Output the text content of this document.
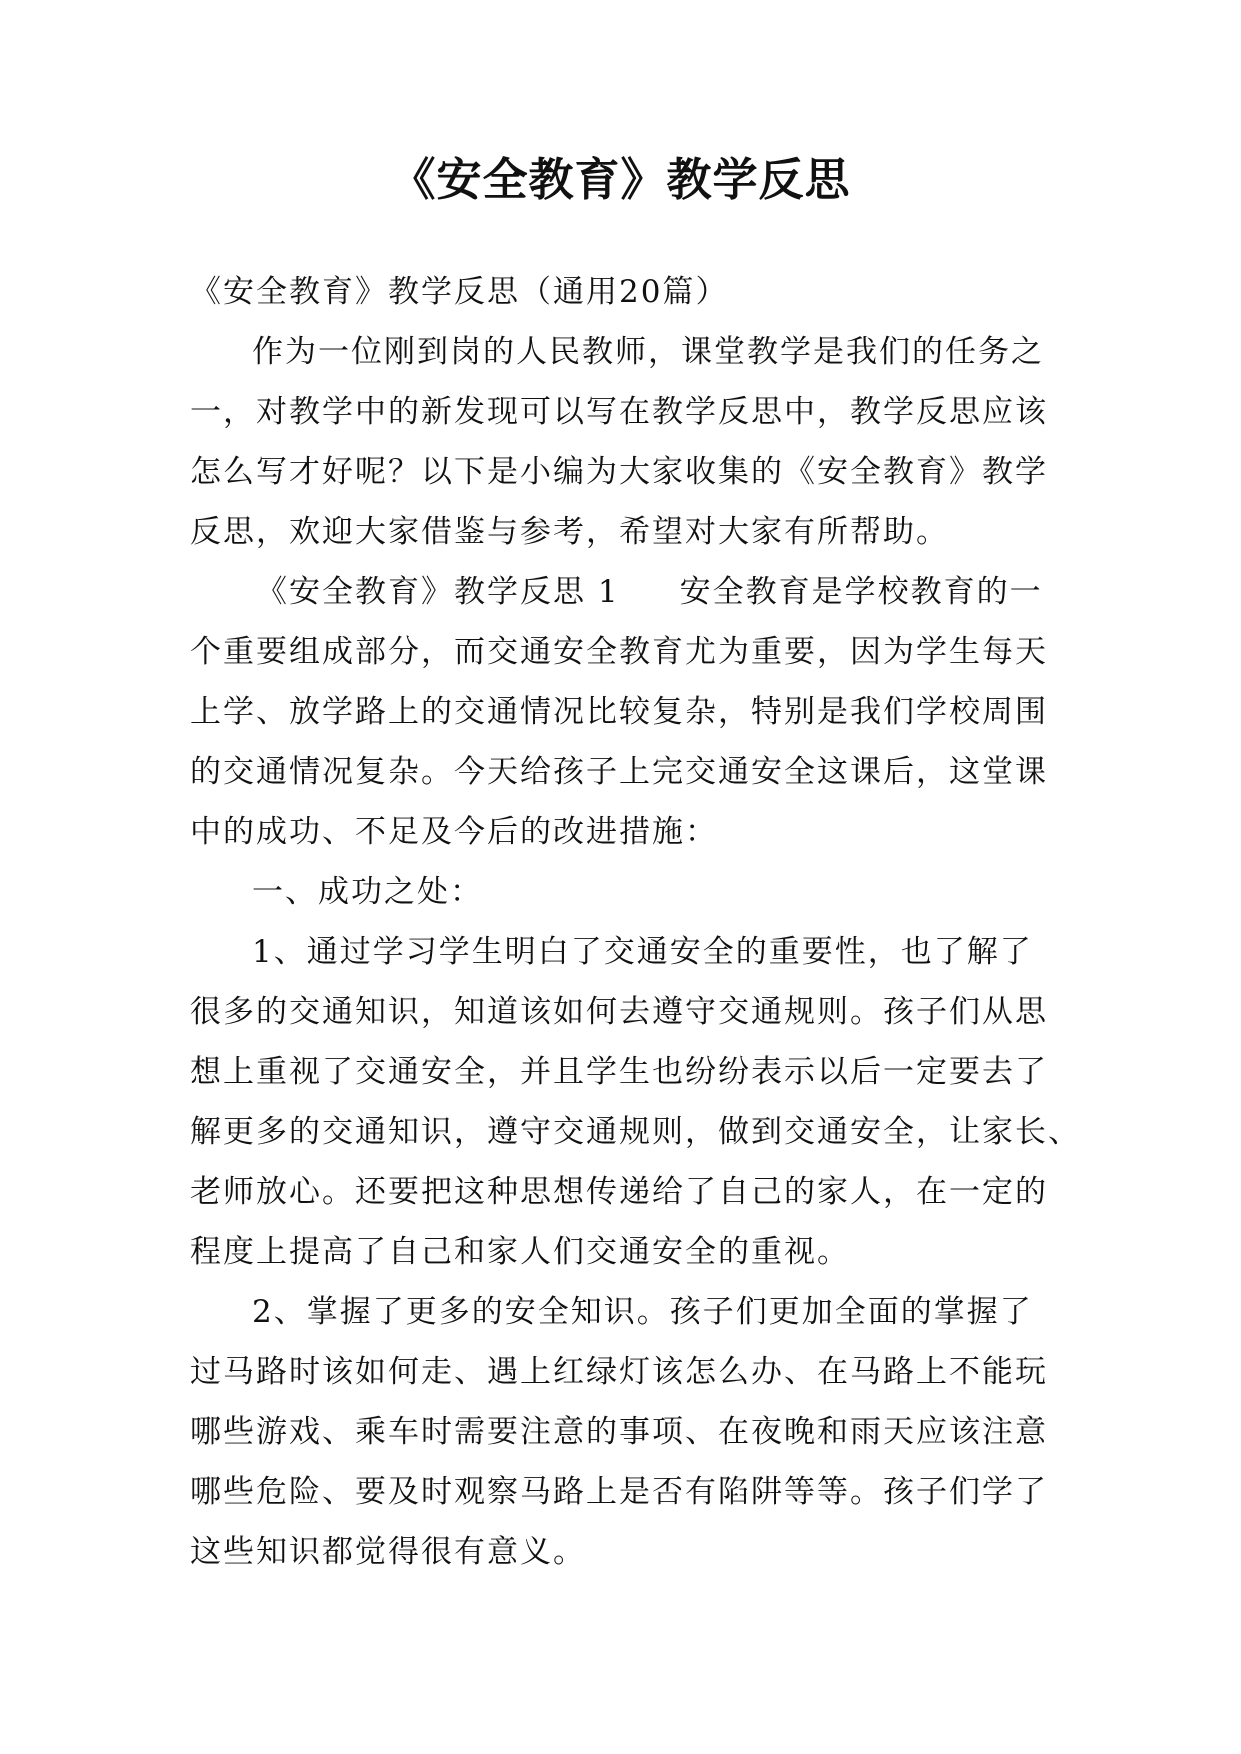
《安全教育》教学反思
《安全教育》教学反思（通用20篇）
作为一位刚到岗的人民教师，课堂教学是我们的任务之
一，对教学中的新发现可以写在教学反思中，教学反思应该
怎么写才好呢？以下是小编为大家收集的《安全教育》教学
反思，欢迎大家借鉴与参考，希望对大家有所帮助。
《安全教育》教学反思 1 安全教育是学校教育的一
个重要组成部分，而交通安全教育尤为重要，因为学生每天
上学、放学路上的交通情况比较复杂，特别是我们学校周围
的交通情况复杂。今天给孩子上完交通安全这课后，这堂课
中的成功、不足及今后的改进措施：
一、成功之处：
1、通过学习学生明白了交通安全的重要性，也了解了
很多的交通知识，知道该如何去遵守交通规则。孩子们从思
想上重视了交通安全，并且学生也纷纷表示以后一定要去了
解更多的交通知识，遵守交通规则，做到交通安全，让家长、
老师放心。还要把这种思想传递给了自己的家人，在一定的
程度上提高了自己和家人们交通安全的重视。
2、掌握了更多的安全知识。孩子们更加全面的掌握了
过马路时该如何走、遇上红绿灯该怎么办、在马路上不能玩
哪些游戏、乘车时需要注意的事项、在夜晚和雨天应该注意
哪些危险、要及时观察马路上是否有陷阱等等。孩子们学了
这些知识都觉得很有意义。
